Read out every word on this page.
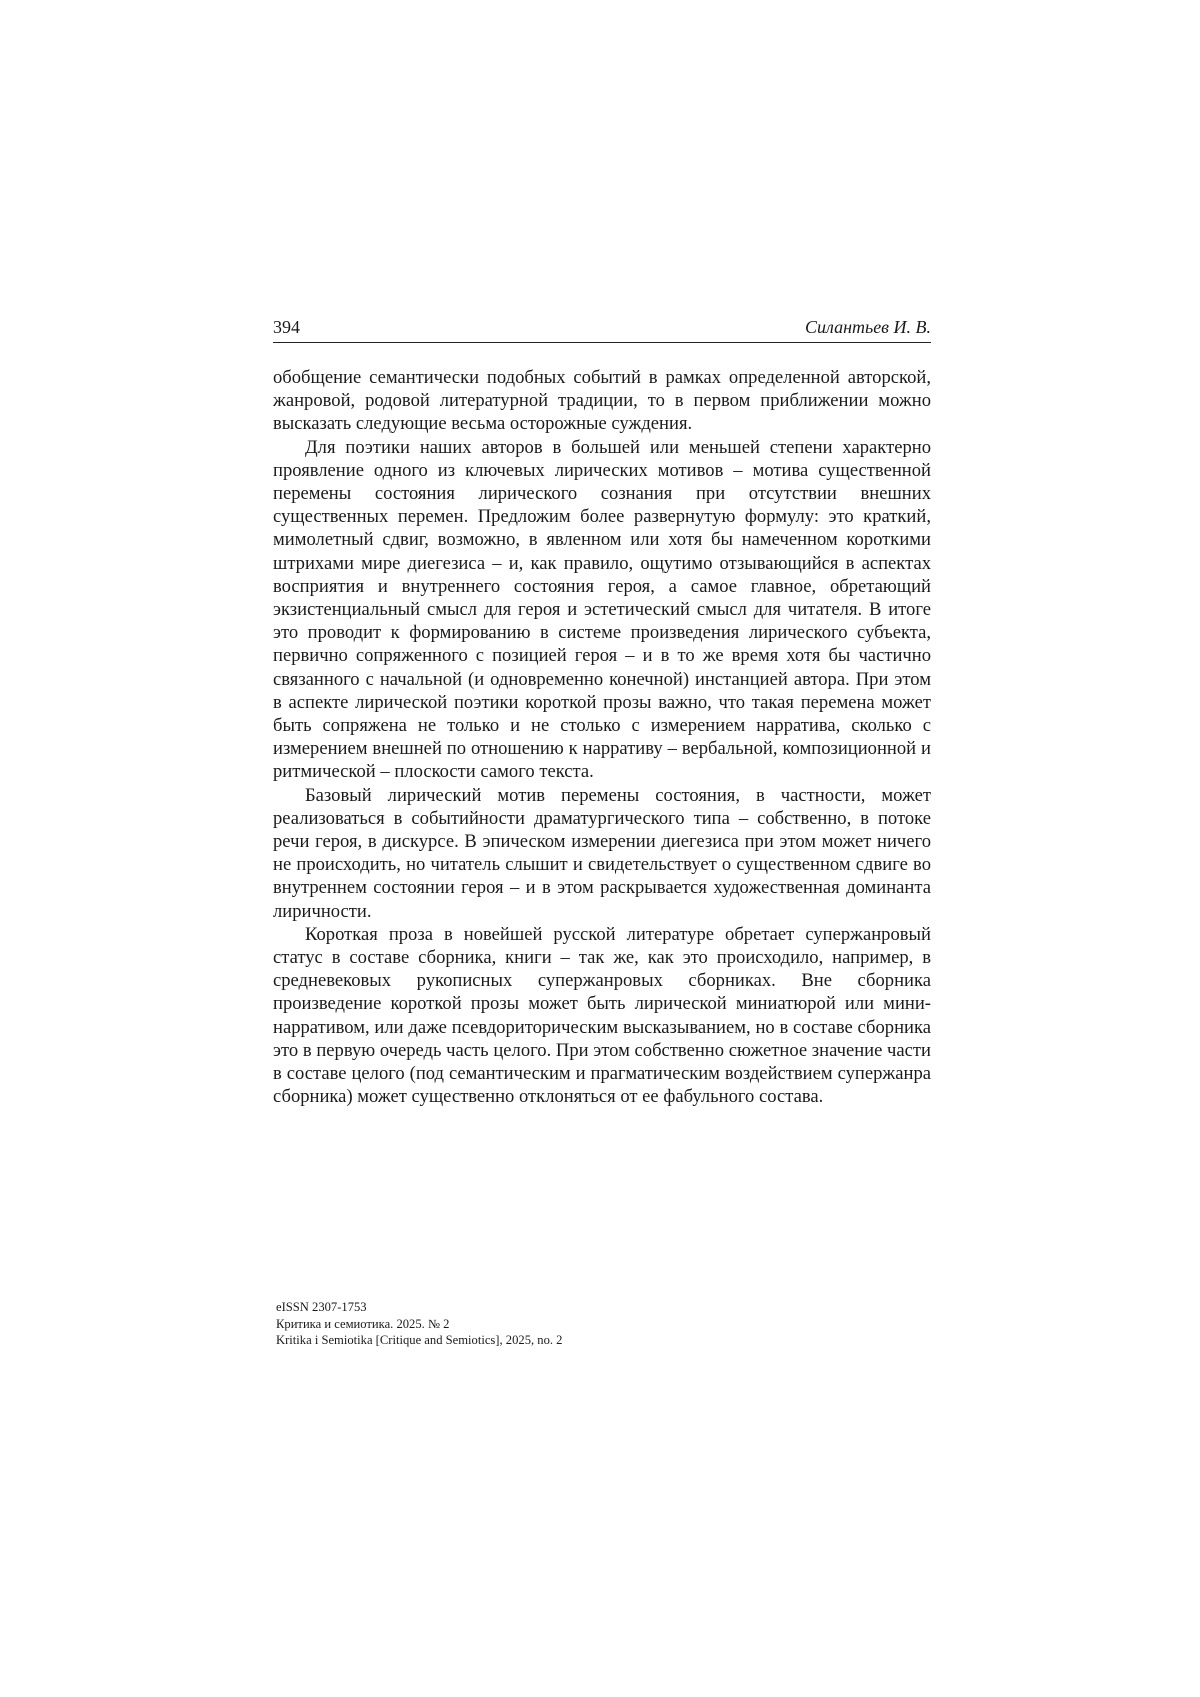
394	Силантьев И. В.

обобщение семантически подобных событий в рамках определенной авторской, жанровой, родовой литературной традиции, то в первом приближении можно высказать следующие весьма осторожные суждения.

Для поэтики наших авторов в большей или меньшей степени характерно проявление одного из ключевых лирических мотивов – мотива существенной перемены состояния лирического сознания при отсутствии внешних существенных перемен. Предложим более развернутую формулу: это краткий, мимолетный сдвиг, возможно, в явленном или хотя бы намеченном короткими штрихами мире диегезиса – и, как правило, ощутимо отзывающийся в аспектах восприятия и внутреннего состояния героя, а самое главное, обретающий экзистенциальный смысл для героя и эстетический смысл для читателя. В итоге это проводит к формированию в системе произведения лирического субъекта, первично сопряженного с позицией героя – и в то же время хотя бы частично связанного с начальной (и одновременно конечной) инстанцией автора. При этом в аспекте лирической поэтики короткой прозы важно, что такая перемена может быть сопряжена не только и не столько с измерением нарратива, сколько с измерением внешней по отношению к нарративу – вербальной, композиционной и ритмической – плоскости самого текста.

Базовый лирический мотив перемены состояния, в частности, может реализоваться в событийности драматургического типа – собственно, в потоке речи героя, в дискурсе. В эпическом измерении диегезиса при этом может ничего не происходить, но читатель слышит и свидетельствует о существенном сдвиге во внутреннем состоянии героя – и в этом раскрывается художественная доминанта лиричности.

Короткая проза в новейшей русской литературе обретает супержанровый статус в составе сборника, книги – так же, как это происходило, например, в средневековых рукописных супержанровых сборниках. Вне сборника произведение короткой прозы может быть лирической миниатюрой или мини-нарративом, или даже псевдориторическим высказыванием, но в составе сборника это в первую очередь часть целого. При этом собственно сюжетное значение части в составе целого (под семантическим и прагматическим воздействием супержанра сборника) может существенно отклоняться от ее фабульного состава.

eISSN 2307-1753
Критика и семиотика. 2025. № 2
Kritika i Semiotika [Critique and Semiotics], 2025, no. 2
